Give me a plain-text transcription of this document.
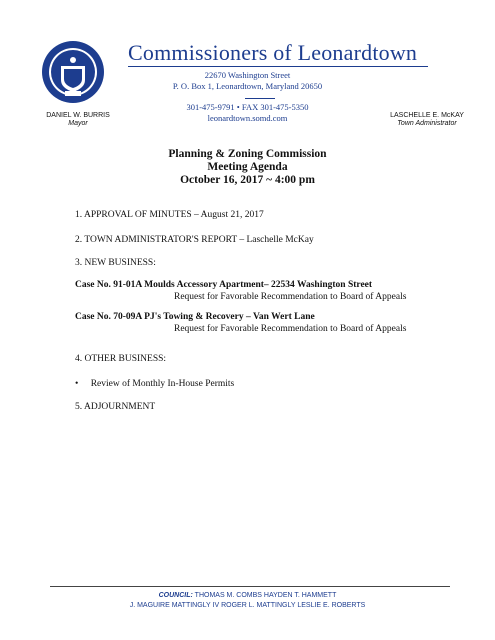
Commissioners of Leonardtown
22670 Washington Street
P. O. Box 1, Leonardtown, Maryland 20650
301-475-9791 • FAX 301-475-5350
leonardtown.somd.com
DANIEL W. BURRIS
Mayor
LASCHELLE E. McKAY
Town Administrator
Planning & Zoning Commission
Meeting Agenda
October 16, 2017 ~ 4:00 pm
1. APPROVAL OF MINUTES – August 21, 2017
2. TOWN ADMINISTRATOR'S REPORT – Laschelle McKay
3. NEW BUSINESS:
Case No. 91-01A Moulds Accessory Apartment– 22534 Washington Street
Request for Favorable Recommendation to Board of Appeals
Case No. 70-09A PJ's Towing & Recovery – Van Wert Lane
Request for Favorable Recommendation to Board of Appeals
4. OTHER BUSINESS:
• Review of Monthly In-House Permits
5. ADJOURNMENT
COUNCIL: THOMAS M. COMBS HAYDEN T. HAMMETT
J. MAGUIRE MATTINGLY IV ROGER L. MATTINGLY LESLIE E. ROBERTS
